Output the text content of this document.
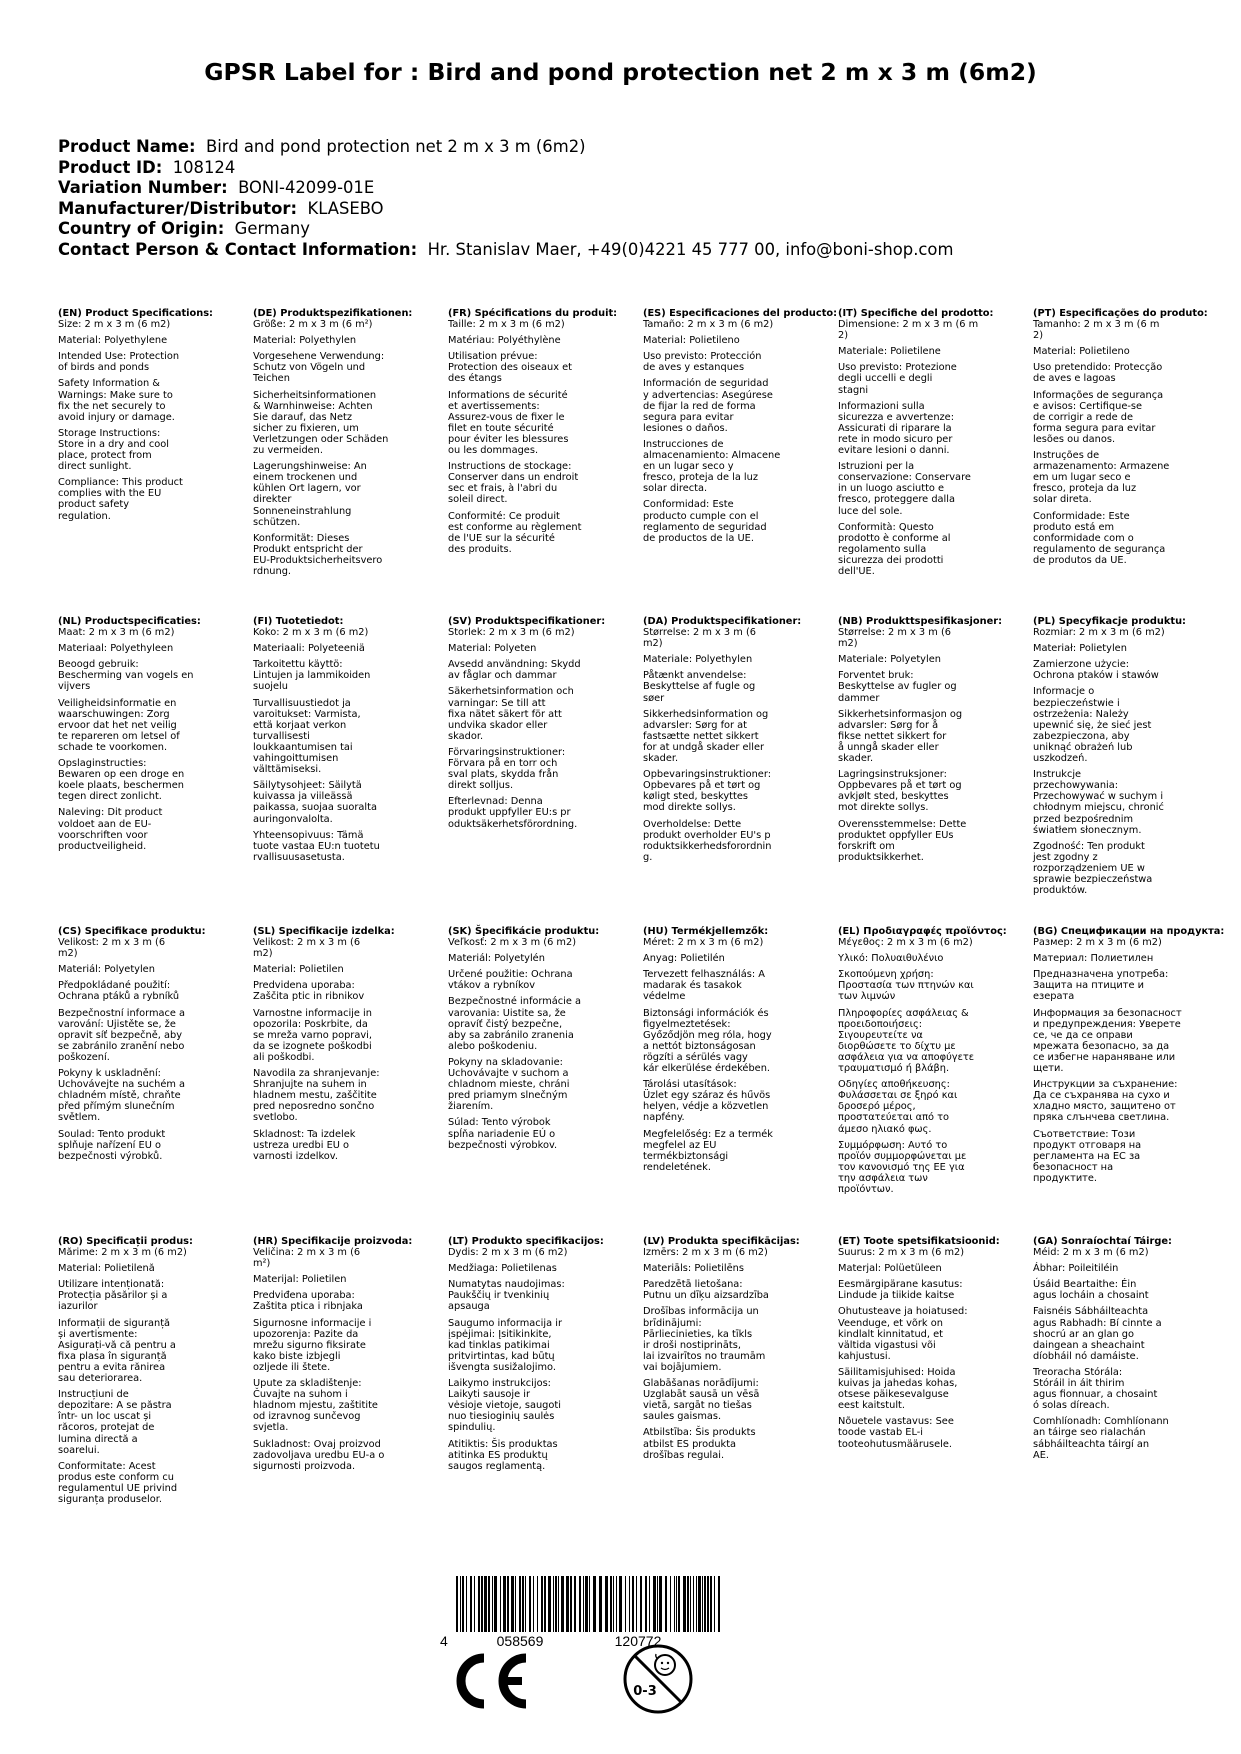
GPSR Label for : Bird and pond protection net 2 m x 3 m (6m2)
Product Name: Bird and pond protection net 2 m x 3 m (6m2)
Product ID: 108124
Variation Number: BONI-42099-01E
Manufacturer/Distributor: KLASEBO
Country of Origin: Germany
Contact Person & Contact Information: Hr. Stanislav Maer, +49(0)4221 45 777 00, info@boni-shop.com
(EN) Product Specifications:
Size: 2 m x 3 m (6 m2)
Material: Polyethylene
Intended Use: Protection
of birds and ponds
Safety Information &
Warnings: Make sure to
fix the net securely to
avoid injury or damage.
Storage Instructions:
Store in a dry and cool
place, protect from
direct sunlight.
Compliance: This product
complies with the EU
product safety
regulation.
(DE) Produktspezifikationen:
Größe: 2 m x 3 m (6 m²)
Material: Polyethylen
Vorgesehene Verwendung:
Schutz von Vögeln und
Teichen
Sicherheitsinformationen
& Warnhinweise: Achten
Sie darauf, das Netz
sicher zu fixieren, um
Verletzungen oder Schäden
zu vermeiden.
Lagerungshinweise: An
einem trockenen und
kühlen Ort lagern, vor
direkter
Sonneneinstrahlung
schützen.
Konformität: Dieses
Produkt entspricht der
EU-Produktsicherheitsvero
rdnung.
(FR) Spécifications du produit:
Taille: 2 m x 3 m (6 m2)
Matériau: Polyéthylène
Utilisation prévue:
Protection des oiseaux et
des étangs
Informations de sécurité
et avertissements:
Assurez-vous de fixer le
filet en toute sécurité
pour éviter les blessures
ou les dommages.
Instructions de stockage:
Conserver dans un endroit
sec et frais, à l'abri du
soleil direct.
Conformité: Ce produit
est conforme au règlement
de l'UE sur la sécurité
des produits.
(ES) Especificaciones del producto:
Tamaño: 2 m x 3 m (6 m2)
Material: Polietileno
Uso previsto: Protección
de aves y estanques
Información de seguridad
y advertencias: Asegúrese
de fijar la red de forma
segura para evitar
lesiones o daños.
Instrucciones de
almacenamiento: Almacene
en un lugar seco y
fresco, proteja de la luz
solar directa.
Conformidad: Este
producto cumple con el
reglamento de seguridad
de productos de la UE.
(IT) Specifiche del prodotto:
Dimensione: 2 m x 3 m (6 m
2)
Materiale: Polietilene
Uso previsto: Protezione
degli uccelli e degli
stagni
Informazioni sulla
sicurezza e avvertenze:
Assicurati di riparare la
rete in modo sicuro per
evitare lesioni o danni.
Istruzioni per la
conservazione: Conservare
in un luogo asciutto e
fresco, proteggere dalla
luce del sole.
Conformità: Questo
prodotto è conforme al
regolamento sulla
sicurezza dei prodotti
dell'UE.
(PT) Especificações do produto:
Tamanho: 2 m x 3 m (6 m
2)
Material: Polietileno
Uso pretendido: Protecção
de aves e lagoas
Informações de segurança
e avisos: Certifique-se
de corrigir a rede de
forma segura para evitar
lesões ou danos.
Instruções de
armazenamento: Armazene
em um lugar seco e
fresco, proteja da luz
solar direta.
Conformidade: Este
produto está em
conformidade com o
regulamento de segurança
de produtos da UE.
(NL) Productspecificaties:
Maat: 2 m x 3 m (6 m2)
Materiaal: Polyethyleen
Beoogd gebruik:
Bescherming van vogels en
vijvers
Veiligheidsinformatie en
waarschuwingen: Zorg
ervoor dat het net veilig
te repareren om letsel of
schade te voorkomen.
Opslaginstructies:
Bewaren op een droge en
koele plaats, beschermen
tegen direct zonlicht.
Naleving: Dit product
voldoet aan de EU-
voorschriften voor
productveiligheid.
(FI) Tuotetiedot:
Koko: 2 m x 3 m (6 m2)
Materiaali: Polyeteeniä
Tarkoitettu käyttö:
Lintujen ja lammikoiden
suojelu
Turvallisuustiedot ja
varoitukset: Varmista,
että korjaat verkon
turvallisesti
loukkaantumisen tai
vahingoittumisen
välttämiseksi.
Säilytysohjeet: Säilytä
kuivassa ja viileässä
paikassa, suojaa suoralta
auringonvalolta.
Yhteensopivuus: Tämä
tuote vastaa EU:n tuotetu
rvallisuusasetusta.
(SV) Produktspecifikationer:
Storlek: 2 m x 3 m (6 m2)
Material: Polyeten
Avsedd användning: Skydd
av fåglar och dammar
Säkerhetsinformation och
varningar: Se till att
fixa nätet säkert för att
undvika skador eller
skador.
Förvaringsinstruktioner:
Förvara på en torr och
sval plats, skydda från
direkt solljus.
Efterlevnad: Denna
produkt uppfyller EU:s pr
oduktsäkerhetsförordning.
(DA) Produktspecifikationer:
Størrelse: 2 m x 3 m (6
m2)
Materiale: Polyethylen
Påtænkt anvendelse:
Beskyttelse af fugle og
søer
Sikkerhedsinformation og
advarsler: Sørg for at
fastsætte nettet sikkert
for at undgå skader eller
skader.
Opbevaringsinstruktioner:
Opbevares på et tørt og
køligt sted, beskyttes
mod direkte sollys.
Overholdelse: Dette
produkt overholder EU's p
roduktsikkerhedsforordnin
g.
(NB) Produkttspesifikasjoner:
Størrelse: 2 m x 3 m (6
m2)
Materiale: Polyetylen
Forventet bruk:
Beskyttelse av fugler og
dammer
Sikkerhetsinformasjon og
advarsler: Sørg for å
fikse nettet sikkert for
å unngå skader eller
skader.
Lagringsinstruksjoner:
Oppbevares på et tørt og
avkjølt sted, beskyttes
mot direkte sollys.
Overensstemmelse: Dette
produktet oppfyller EUs
forskrift om
produktsikkerhet.
(PL) Specyfikacje produktu:
Rozmiar: 2 m x 3 m (6 m2)
Materiał: Polietylen
Zamierzone użycie:
Ochrona ptaków i stawów
Informacje o
bezpieczeństwie i
ostrzeżenia: Należy
upewnić się, że sieć jest
zabezpieczona, aby
uniknąć obrażeń lub
uszkodzeń.
Instrukcje
przechowywania:
Przechowywać w suchym i
chłodnym miejscu, chronić
przed bezpośrednim
światłem słonecznym.
Zgodność: Ten produkt
jest zgodny z
rozporządzeniem UE w
sprawie bezpieczeństwa
produktów.
(CS) Specifikace produktu:
Velikost: 2 m x 3 m (6
m2)
Materiál: Polyetylen
Předpokládané použití:
Ochrana ptáků a rybníků
Bezpečnostní informace a
varování: Ujistěte se, že
opravit síť bezpečně, aby
se zabránilo zranění nebo
poškození.
Pokyny k uskladnění:
Uchovávejte na suchém a
chladném místě, chraňte
před přímým slunečním
světlem.
Soulad: Tento produkt
splňuje nařízení EU o
bezpečnosti výrobků.
(SL) Specifikacije izdelka:
Velikost: 2 m x 3 m (6
m2)
Material: Polietilen
Predvidena uporaba:
Zaščita ptic in ribnikov
Varnostne informacije in
opozorila: Poskrbite, da
se mreža varno popravi,
da se izognete poškodbi
ali poškodbi.
Navodila za shranjevanje:
Shranjujte na suhem in
hladnem mestu, zaščitite
pred neposredno sončno
svetlobo.
Skladnost: Ta izdelek
ustreza uredbi EU o
varnosti izdelkov.
(SK) Špecifikácie produktu:
Veľkosť: 2 m x 3 m (6 m2)
Materiál: Polyetylén
Určené použitie: Ochrana
vtákov a rybníkov
Bezpečnostné informácie a
varovania: Uistite sa, že
opravíť čistý bezpečne,
aby sa zabránilo zranenia
alebo poškodeniu.
Pokyny na skladovanie:
Uchovávajte v suchom a
chladnom mieste, chráni
pred priamym slnečným
žiarením.
Súlad: Tento výrobok
spĺňa nariadenie EÚ o
bezpečnosti výrobkov.
(HU) Termékjellemzők:
Méret: 2 m x 3 m (6 m2)
Anyag: Polietilén
Tervezett felhasználás: A
madarak és tasakok
védelme
Biztonsági információk és
figyelmeztetések:
Győződjön meg róla, hogy
a nettót biztonságosan
rögzíti a sérülés vagy
kár elkerülése érdekében.
Tárolási utasítások:
Üzlet egy száraz és hűvös
helyen, védje a közvetlen
napfény.
Megfelelőség: Ez a termék
megfelel az EU
termékbiztonsági
rendeletének.
(EL) Προδιαγραφές προϊόντος:
Μέγεθος: 2 m x 3 m (6 m2)
Υλικό: Πολυαιθυλένιο
Σκοπούμενη χρήση:
Προστασία των πτηνών και
των λιμνών
Πληροφορίες ασφάλειας &
προειδοποιήσεις:
Σιγουρευτείτε να
διορθώσετε το δίχτυ με
ασφάλεια για να αποφύγετε
τραυματισμό ή βλάβη.
Οδηγίες αποθήκευσης:
Φυλάσσεται σε ξηρό και
δροσερό μέρος,
προστατεύεται από το
άμεσο ηλιακό φως.
Συμμόρφωση: Αυτό το
προϊόν συμμορφώνεται με
τον κανονισμό της ΕΕ για
την ασφάλεια των
προϊόντων.
(BG) Спецификации на продукта:
Размер: 2 m x 3 m (6 m2)
Материал: Полиетилен
Предназначена употреба:
Защита на птиците и
езерата
Информация за безопасност
и предупреждения: Уверете
се, че да се оправи
мрежата безопасно, за да
се избегне нараняване или
щети.
Инструкции за съхранение:
Да се съхранява на сухо и
хладно място, защитено от
пряка слънчева светлина.
Съответствие: Този
продукт отговаря на
регламента на ЕС за
безопасност на
продуктите.
(RO) Specificații produs:
Mărime: 2 m x 3 m (6 m2)
Material: Polietilenă
Utilizare intenționată:
Protecția păsărilor și a
iazurilor
Informații de siguranță
și avertismente:
Asigurați-vă că pentru a
fixa plasa în siguranță
pentru a evita rănirea
sau deteriorarea.
Instrucțiuni de
depozitare: A se păstra
într- un loc uscat și
răcoros, protejat de
lumina directă a
soarelui.
Conformitate: Acest
produs este conform cu
regulamentul UE privind
siguranța produselor.
(HR) Specifikacije proizvoda:
Veličina: 2 m x 3 m (6
m²)
Materijal: Polietilen
Predviđena uporaba:
Zaštita ptica i ribnjaka
Sigurnosne informacije i
upozorenja: Pazite da
mrežu sigurno fiksirate
kako biste izbjegli
ozljede ili štete.
Upute za skladištenje:
Čuvajte na suhom i
hladnom mjestu, zaštitite
od izravnog sunčevog
svjetla.
Sukladnost: Ovaj proizvod
zadovoljava uredbu EU-a o
sigurnosti proizvoda.
(LT) Produkto specifikacijos:
Dydis: 2 m x 3 m (6 m2)
Medžiaga: Polietilenas
Numatytas naudojimas:
Paukščių ir tvenkinių
apsauga
Saugumo informacija ir
įspėjimai: Įsitikinkite,
kad tinklas patikimai
pritvirtintas, kad būtų
išvengta susižalojimo.
Laikymo instrukcijos:
Laikyti sausoje ir
vėsioje vietoje, saugoti
nuo tiesioginių saulės
spindulių.
Atitiktis: Šis produktas
atitinka ES produktų
saugos reglamentą.
(LV) Produkta specifikācijas:
Izmērs: 2 m x 3 m (6 m2)
Materiāls: Polietilēns
Paredzētā lietošana:
Putnu un dīķu aizsardzība
Drošības informācija un
brīdinājumi:
Pārliecinieties, ka tīkls
ir droši nostiprināts,
lai izvairītos no traumām
vai bojājumiem.
Glabāšanas norādījumi:
Uzglabāt sausā un vēsā
vietā, sargāt no tiešas
saules gaismas.
Atbilstība: Šis produkts
atbilst ES produkta
drošības regulai.
(ET) Toote spetsifikatsioonid:
Suurus: 2 m x 3 m (6 m2)
Materjal: Polüetüleen
Eesmärgipärane kasutus:
Lindude ja tiikide kaitse
Ohutusteave ja hoiatused:
Veenduge, et võrk on
kindlalt kinnitatud, et
vältida vigastusi või
kahjustusi.
Säilitamisjuhised: Hoida
kuivas ja jahedas kohas,
otsese päikesevalguse
eest kaitstult.
Nõuetele vastavus: See
toode vastab EL-i
tooteohutusmäärusele.
(GA) Sonraíochtaí Táirge:
Méid: 2 m x 3 m (6 m2)
Ábhar: Poileitiléin
Úsáid Beartaithe: Éin
agus locháin a chosaint
Faisnéis Sábháilteachta
agus Rabhadh: Bí cinnte a
shocrú ar an glan go
daingean a sheachaint
díobháil nó damáiste.
Treoracha Stórála:
Stóráil in áit thirim
agus fionnuar, a chosaint
ó solas díreach.
Comhlíonadh: Comhlíonann
an táirge seo rialachán
sábháilteachta táirgí an
AE.
4	058569	120772
CE
0-3
